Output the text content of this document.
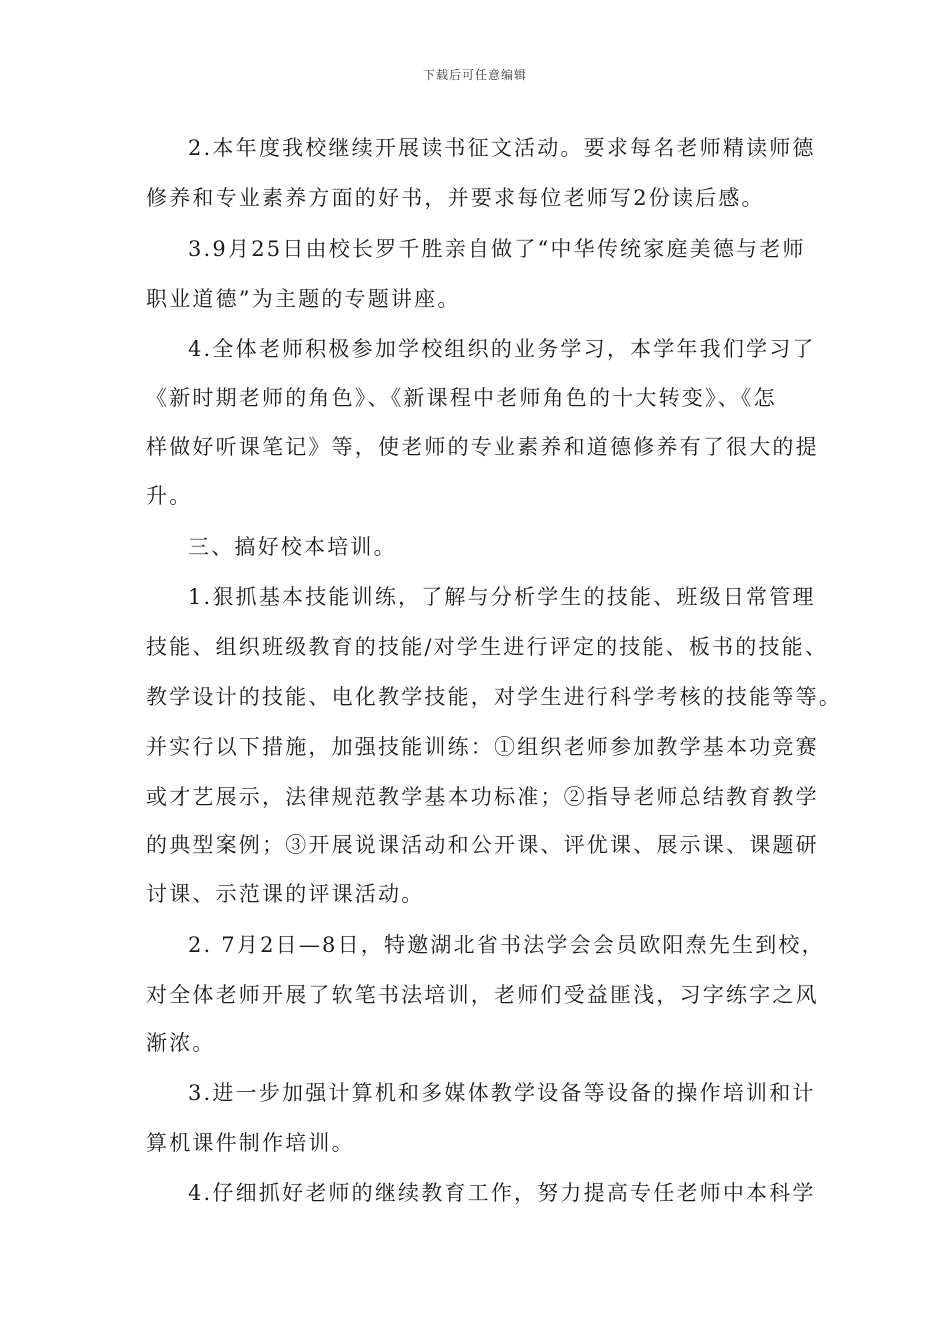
下载后可任意编辑
2.本年度我校继续开展读书征文活动。要求每名老师精读师德
修养和专业素养方面的好书，并要求每位老师写2份读后感。
3.9月25日由校长罗千胜亲自做了“中华传统家庭美德与老师
职业道德”为主题的专题讲座。
4.全体老师积极参加学校组织的业务学习，本学年我们学习了
《新时期老师的角色》、《新课程中老师角色的十大转变》、《怎
样做好听课笔记》等，使老师的专业素养和道德修养有了很大的提
升。
三、搞好校本培训。
1.狠抓基本技能训练，了解与分析学生的技能、班级日常管理
技能、组织班级教育的技能/对学生进行评定的技能、板书的技能、
教学设计的技能、电化教学技能，对学生进行科学考核的技能等等。
并实行以下措施，加强技能训练：①组织老师参加教学基本功竞赛
或才艺展示，法律规范教学基本功标准；②指导老师总结教育教学
的典型案例；③开展说课活动和公开课、评优课、展示课、课题研
讨课、示范课的评课活动。
2. 7月2日—8日，特邀湖北省书法学会会员欧阳焘先生到校，
对全体老师开展了软笔书法培训，老师们受益匪浅，习字练字之风
渐浓。
3.进一步加强计算机和多媒体教学设备等设备的操作培训和计
算机课件制作培训。
4.仔细抓好老师的继续教育工作，努力提高专任老师中本科学
